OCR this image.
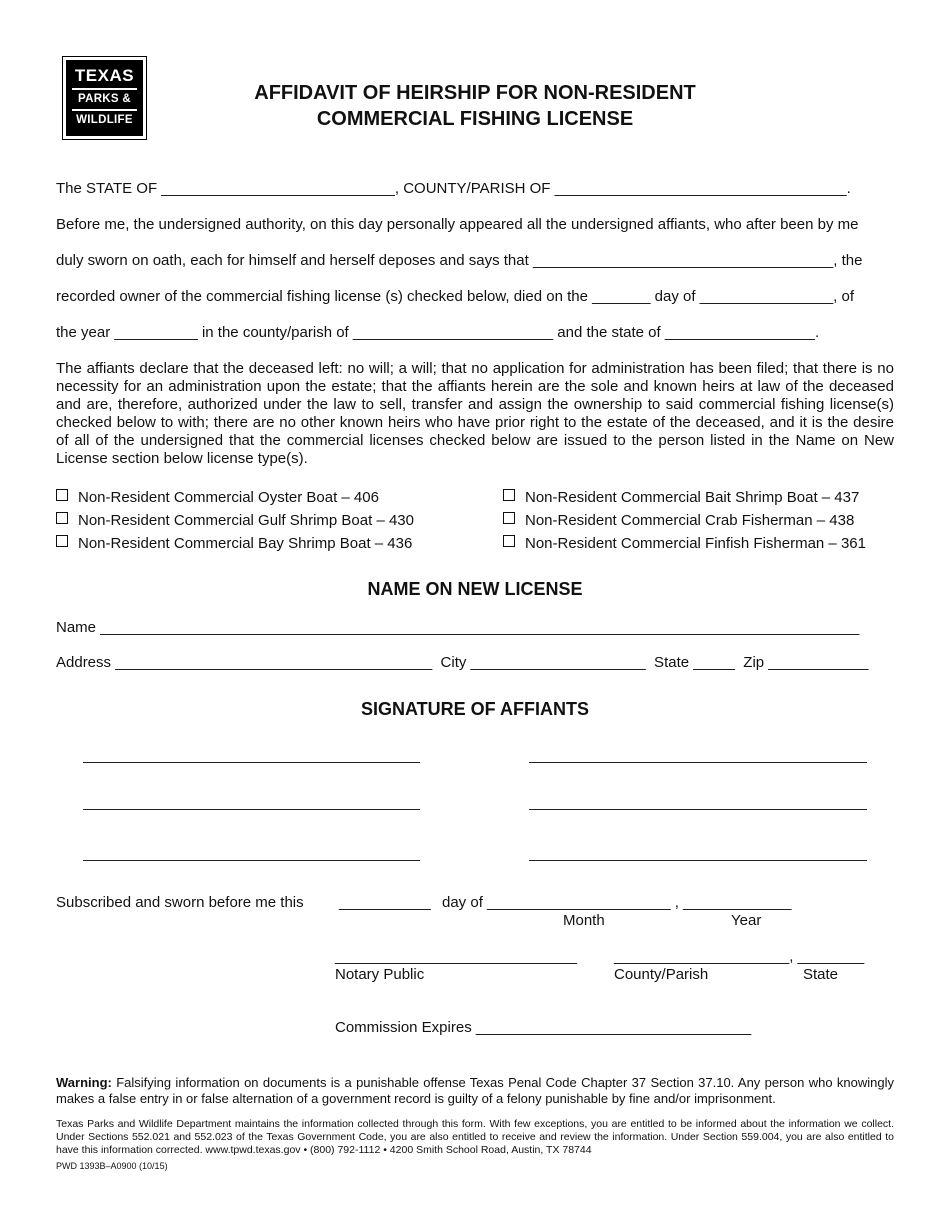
TEXAS
PARKS &
WILDLIFE
AFFIDAVIT OF HEIRSHIP FOR NON-RESIDENT
COMMERCIAL FISHING LICENSE
The STATE OF ____________________________, COUNTY/PARISH OF ___________________________________.
Before me, the undersigned authority, on this day personally appeared all the undersigned affiants, who after been by me
duly sworn on oath, each for himself and herself deposes and says that ____________________________________, the
recorded owner of the commercial fishing license (s) checked below, died on the _______ day of ________________, of
the year __________ in the county/parish of ________________________ and the state of __________________.
The affiants declare that the deceased left: no will; a will; that no application for administration has been filed; that there is no necessity for an administration upon the estate; that the affiants herein are the sole and known heirs at law of the deceased and are, therefore, authorized under the law to sell, transfer and assign the ownership to said commercial fishing license(s) checked below to with; there are no other known heirs who have prior right to the estate of the deceased, and it is the desire of all of the undersigned that the commercial licenses checked below are issued to the person listed in the Name on New License section below license type(s).
Non-Resident Commercial Oyster Boat – 406
Non-Resident Commercial Gulf Shrimp Boat – 430
Non-Resident Commercial Bay Shrimp Boat – 436
Non-Resident Commercial Bait Shrimp Boat – 437
Non-Resident Commercial Crab Fisherman – 438
Non-Resident Commercial Finfish Fisherman – 361
NAME ON NEW LICENSE
Name ___________________________________________________________________________________________
Address ______________________________________  City _____________________  State _____  Zip ____________
SIGNATURE OF AFFIANTS
Subscribed and sworn before me this ___________ day of ______________________ , _____________
Month	Year
_____________________________ _____________________, ________
Notary Public	County/Parish	State
Commission Expires _________________________________
Warning: Falsifying information on documents is a punishable offense Texas Penal Code Chapter 37 Section 37.10. Any person who knowingly makes a false entry in or false alternation of a government record is guilty of a felony punishable by fine and/or imprisonment.
Texas Parks and Wildlife Department maintains the information collected through this form. With few exceptions, you are entitled to be informed about the information we collect. Under Sections 552.021 and 552.023 of the Texas Government Code, you are also entitled to receive and review the information. Under Section 559.004, you are also entitled to have this information corrected. www.tpwd.texas.gov • (800) 792-1112 • 4200 Smith School Road, Austin, TX 78744
PWD 1393B–A0900 (10/15)
